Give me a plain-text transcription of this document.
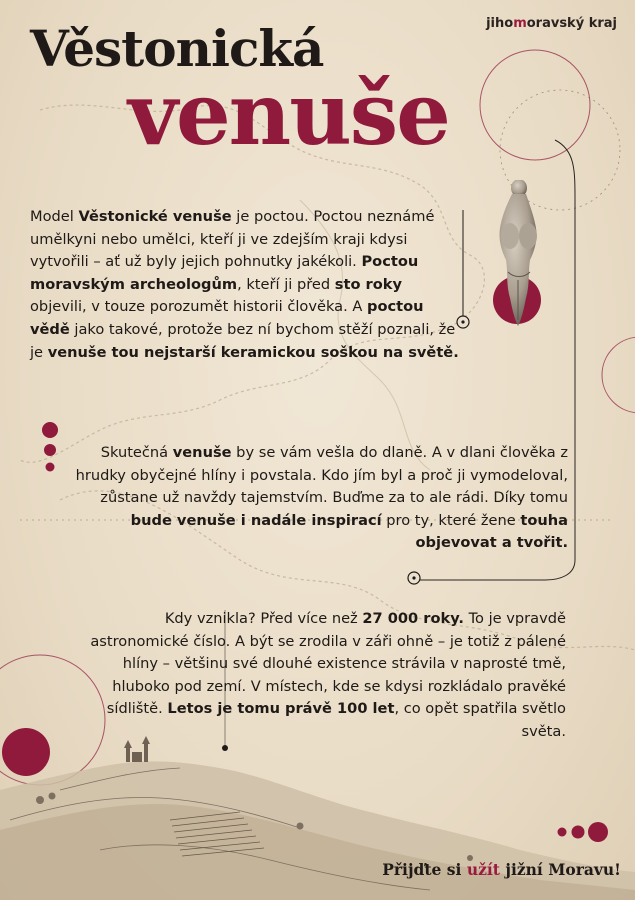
jihomoravský kraj
Věstonická
venuše
Model Věstonické venuše je poctou. Poctou neznámé umělkyni nebo umělci, kteří ji ve zdejším kraji kdysi vytvořili – ať už byly jejich pohnutky jakékoli. Poctou moravským archeologům, kteří ji před sto roky objevili, v touze porozumět historii člověka. A poctou vědě jako takové, protože bez ní bychom stěží poznali, že je venuše tou nejstarší keramickou soškou na světě.
Skutečná venuše by se vám vešla do dlaně. A v dlani člověka z hrudky obyčejné hlíny i povstala. Kdo jím byl a proč ji vymodeloval, zůstane už navždy tajemstvím. Buďme za to ale rádi. Díky tomu bude venuše i nadále inspirací pro ty, které žene touha objevovat a tvořit.
Kdy vznikla? Před více než 27 000 roky. To je vpravdě astronomické číslo. A být se zrodila v záři ohně – je totiž z pálené hlíny – většinu své dlouhé existence strávila v naprosté tmě, hluboko pod zemí. V místech, kde se kdysi rozkládalo pravěké sídliště. Letos je tomu právě 100 let, co opět spatřila světlo světa.
Přijďte si užít jižní Moravu!
